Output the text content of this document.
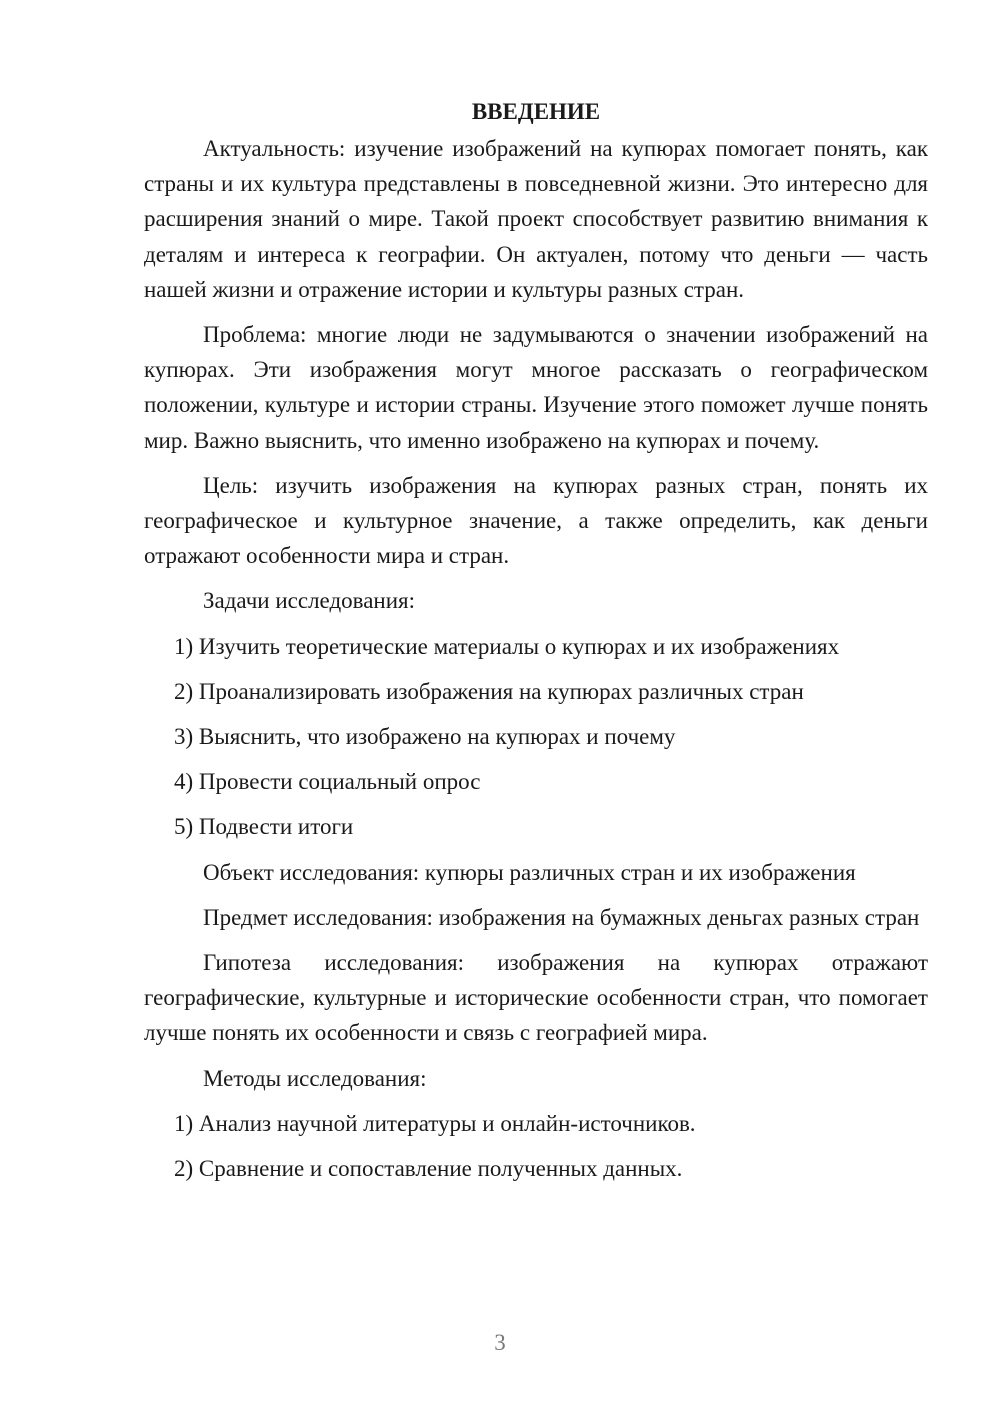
ВВЕДЕНИЕ

Актуальность: изучение изображений на купюрах помогает понять, как страны и их культура представлены в повседневной жизни. Это интересно для расширения знаний о мире. Такой проект способствует развитию внимания к деталям и интереса к географии. Он актуален, потому что деньги — часть нашей жизни и отражение истории и культуры разных стран.

Проблема: многие люди не задумываются о значении изображений на купюрах. Эти изображения могут многое рассказать о географическом положении, культуре и истории страны. Изучение этого поможет лучше понять мир. Важно выяснить, что именно изображено на купюрах и почему.

Цель: изучить изображения на купюрах разных стран, понять их географическое и культурное значение, а также определить, как деньги отражают особенности мира и стран.

Задачи исследования:

1) Изучить теоретические материалы о купюрах и их изображениях

2) Проанализировать изображения на купюрах различных стран

3) Выяснить, что изображено на купюрах и почему

4) Провести социальный опрос

5) Подвести итоги

Объект исследования: купюры различных стран и их изображения

Предмет исследования: изображения на бумажных деньгах разных стран

Гипотеза исследования: изображения на купюрах отражают географические, культурные и исторические особенности стран, что помогает лучше понять их особенности и связь с географией мира.

Методы исследования:

1) Анализ научной литературы и онлайн-источников.

2) Сравнение и сопоставление полученных данных.

3
